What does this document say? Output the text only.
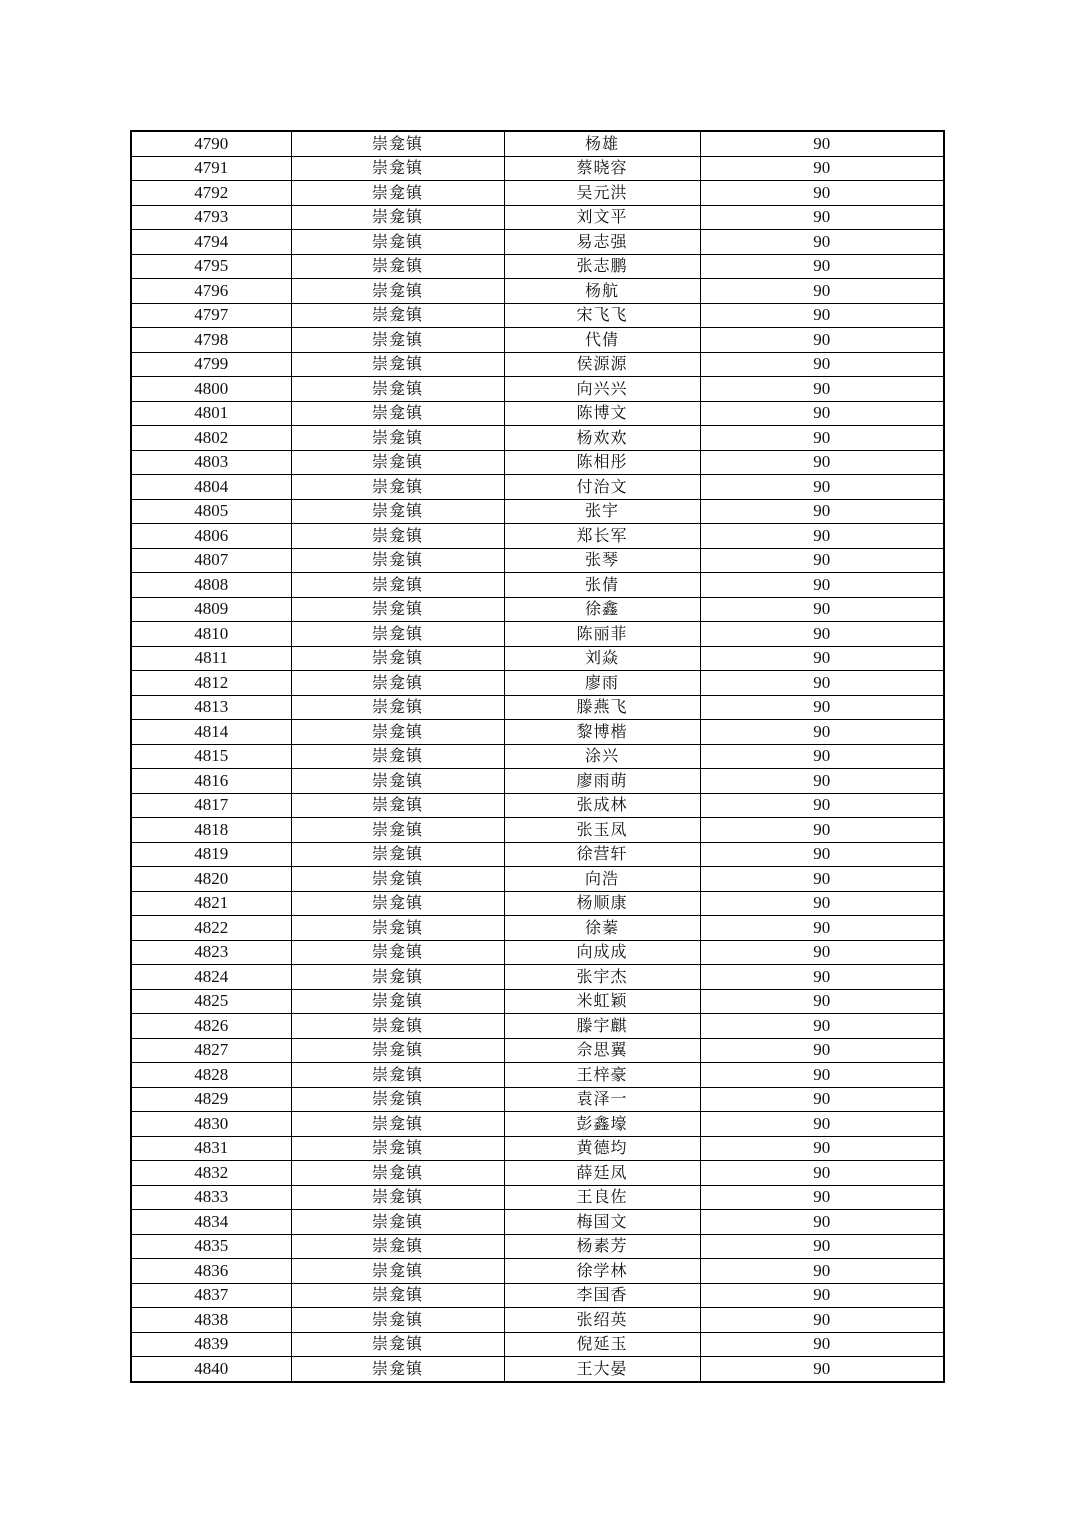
4790	崇龛镇	杨雄	90
4791	崇龛镇	蔡晓容	90
4792	崇龛镇	吴元洪	90
4793	崇龛镇	刘文平	90
4794	崇龛镇	易志强	90
4795	崇龛镇	张志鹏	90
4796	崇龛镇	杨航	90
4797	崇龛镇	宋飞飞	90
4798	崇龛镇	代倩	90
4799	崇龛镇	侯源源	90
4800	崇龛镇	向兴兴	90
4801	崇龛镇	陈博文	90
4802	崇龛镇	杨欢欢	90
4803	崇龛镇	陈相彤	90
4804	崇龛镇	付治文	90
4805	崇龛镇	张宇	90
4806	崇龛镇	郑长军	90
4807	崇龛镇	张琴	90
4808	崇龛镇	张倩	90
4809	崇龛镇	徐鑫	90
4810	崇龛镇	陈丽菲	90
4811	崇龛镇	刘焱	90
4812	崇龛镇	廖雨	90
4813	崇龛镇	滕燕飞	90
4814	崇龛镇	黎博楷	90
4815	崇龛镇	涂兴	90
4816	崇龛镇	廖雨萌	90
4817	崇龛镇	张成林	90
4818	崇龛镇	张玉凤	90
4819	崇龛镇	徐营轩	90
4820	崇龛镇	向浩	90
4821	崇龛镇	杨顺康	90
4822	崇龛镇	徐蓁	90
4823	崇龛镇	向成成	90
4824	崇龛镇	张宇杰	90
4825	崇龛镇	米虹颖	90
4826	崇龛镇	滕宇麒	90
4827	崇龛镇	佘思翼	90
4828	崇龛镇	王梓豪	90
4829	崇龛镇	袁泽一	90
4830	崇龛镇	彭鑫壕	90
4831	崇龛镇	黄德均	90
4832	崇龛镇	薛廷凤	90
4833	崇龛镇	王良佐	90
4834	崇龛镇	梅国文	90
4835	崇龛镇	杨素芳	90
4836	崇龛镇	徐学林	90
4837	崇龛镇	李国香	90
4838	崇龛镇	张绍英	90
4839	崇龛镇	倪延玉	90
4840	崇龛镇	王大晏	90
